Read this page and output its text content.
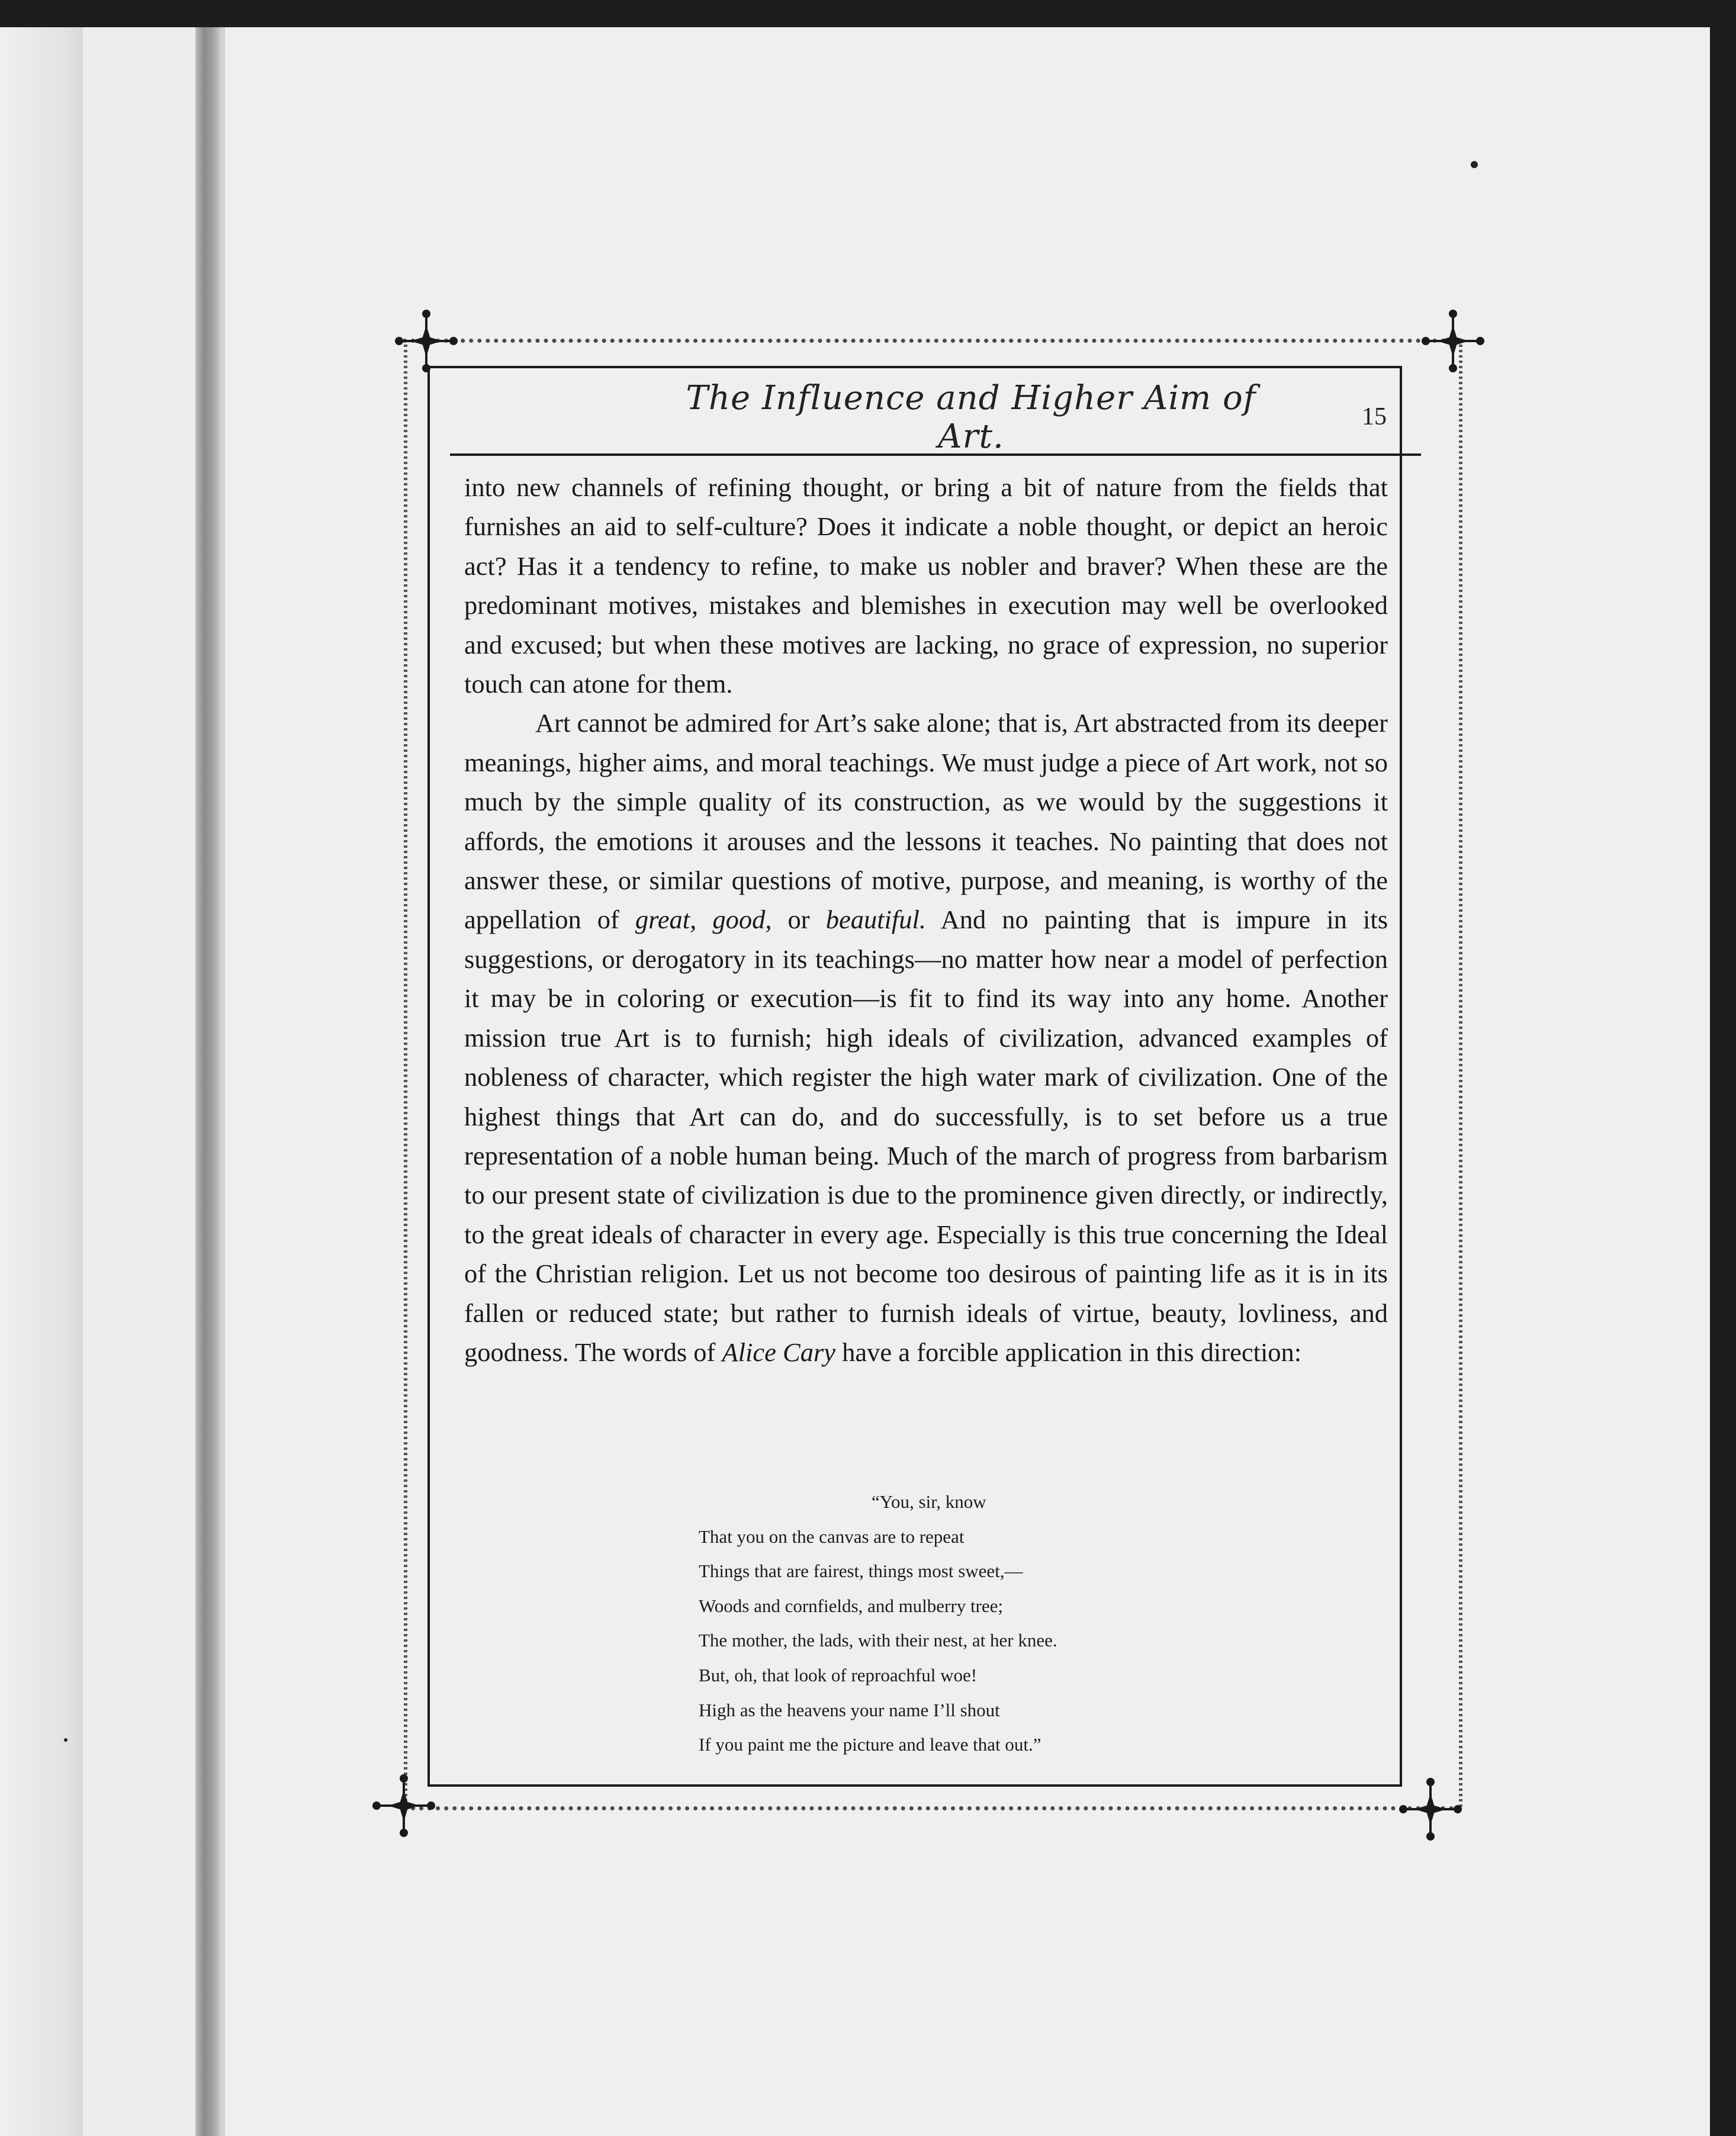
The Influence and Higher Aim of Art.
15

into new channels of refining thought, or bring a bit of nature from the fields that furnishes an aid to self-culture? Does it indicate a noble thought, or depict an heroic act? Has it a tendency to refine, to make us nobler and braver? When these are the predominant motives, mistakes and blemishes in execution may well be overlooked and excused; but when these motives are lacking, no grace of expression, no superior touch can atone for them.

Art cannot be admired for Art’s sake alone; that is, Art abstracted from its deeper meanings, higher aims, and moral teachings. We must judge a piece of Art work, not so much by the simple quality of its construction, as we would by the suggestions it affords, the emotions it arouses and the lessons it teaches. No painting that does not answer these, or similar questions of motive, purpose, and meaning, is worthy of the appellation of great, good, or beautiful. And no painting that is impure in its suggestions, or derogatory in its teachings—no matter how near a model of perfection it may be in coloring or execution—is fit to find its way into any home. Another mission true Art is to furnish; high ideals of civilization, advanced examples of nobleness of character, which register the high water mark of civilization. One of the highest things that Art can do, and do successfully, is to set before us a true representation of a noble human being. Much of the march of progress from barbarism to our present state of civilization is due to the prominence given directly, or indirectly, to the great ideals of character in every age. Especially is this true concerning the Ideal of the Christian religion. Let us not become too desirous of painting life as it is in its fallen or reduced state; but rather to furnish ideals of virtue, beauty, lovliness, and goodness. The words of Alice Cary have a forcible application in this direction:

“You, sir, know
That you on the canvas are to repeat
Things that are fairest, things most sweet,—
Woods and cornfields, and mulberry tree;
The mother, the lads, with their nest, at her knee.
But, oh, that look of reproachful woe!
High as the heavens your name I’ll shout
If you paint me the picture and leave that out.”
